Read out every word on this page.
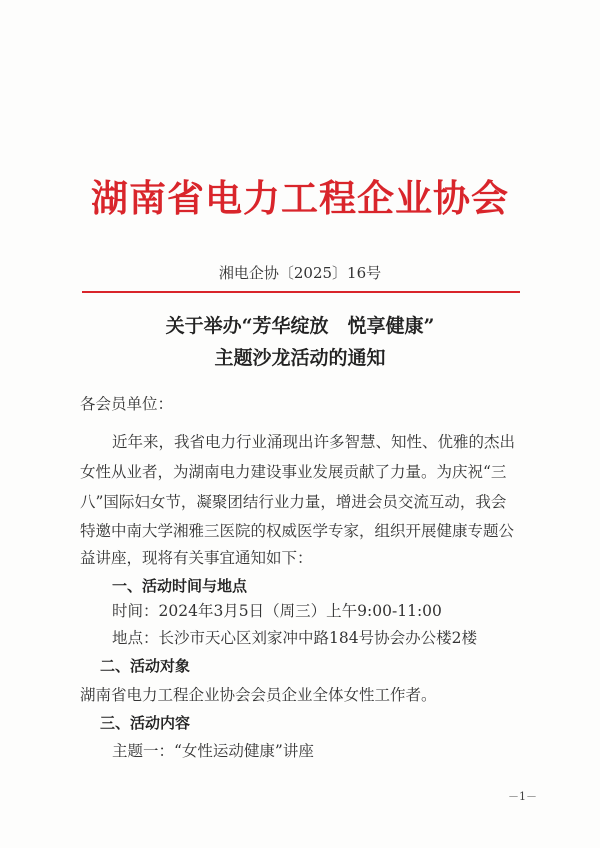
湖南省电力工程企业协会
湘电企协〔2025〕16号
关于举办“芳华绽放　悦享健康”
主题沙龙活动的通知
各会员单位：
近年来，我省电力行业涌现出许多智慧、知性、优雅的杰出
女性从业者，为湖南电力建设事业发展贡献了力量。为庆祝“三
八”国际妇女节，凝聚团结行业力量，增进会员交流互动，我会
特邀中南大学湘雅三医院的权威医学专家，组织开展健康专题公
益讲座，现将有关事宜通知如下：
一、活动时间与地点
时间：2024年3月5日（周三）上午9:00-11:00
地点：长沙市天心区刘家冲中路184号协会办公楼2楼
二、活动对象
湖南省电力工程企业协会会员企业全体女性工作者。
三、活动内容
主题一：“女性运动健康”讲座
－1－
